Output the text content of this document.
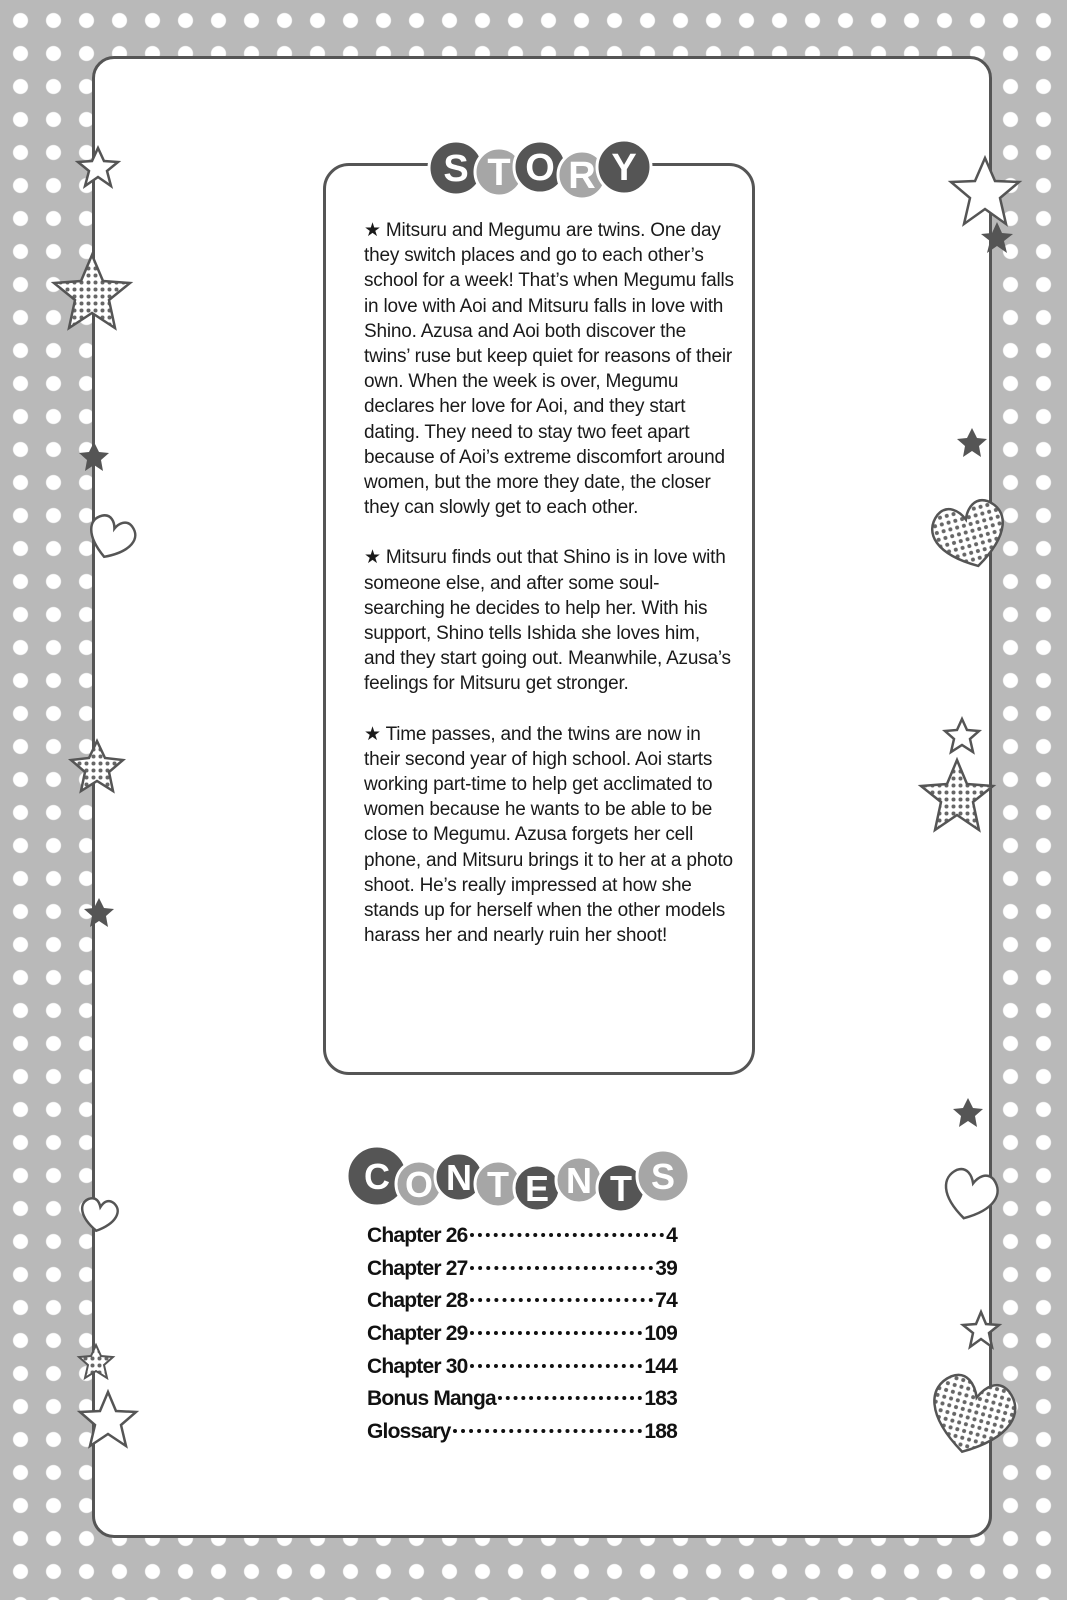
S T O R Y

★ Mitsuru and Megumu are twins. One day they switch places and go to each other’s school for a week! That’s when Megumu falls in love with Aoi and Mitsuru falls in love with Shino. Azusa and Aoi both discover the twins’ ruse but keep quiet for reasons of their own. When the week is over, Megumu declares her love for Aoi, and they start dating. They need to stay two feet apart because of Aoi’s extreme discomfort around women, but the more they date, the closer they can slowly get to each other.

★ Mitsuru finds out that Shino is in love with someone else, and after some soul-searching he decides to help her. With his support, Shino tells Ishida she loves him, and they start going out. Meanwhile, Azusa’s feelings for Mitsuru get stronger.

★ Time passes, and the twins are now in their second year of high school. Aoi starts working part-time to help get acclimated to women because he wants to be able to be close to Megumu. Azusa forgets her cell phone, and Mitsuru brings it to her at a photo shoot. He’s really impressed at how she stands up for herself when the other models harass her and nearly ruin her shoot!

C O N T E N T S
Chapter 26	4
Chapter 27	39
Chapter 28	74
Chapter 29	109
Chapter 30	144
Bonus Manga	183
Glossary	188
